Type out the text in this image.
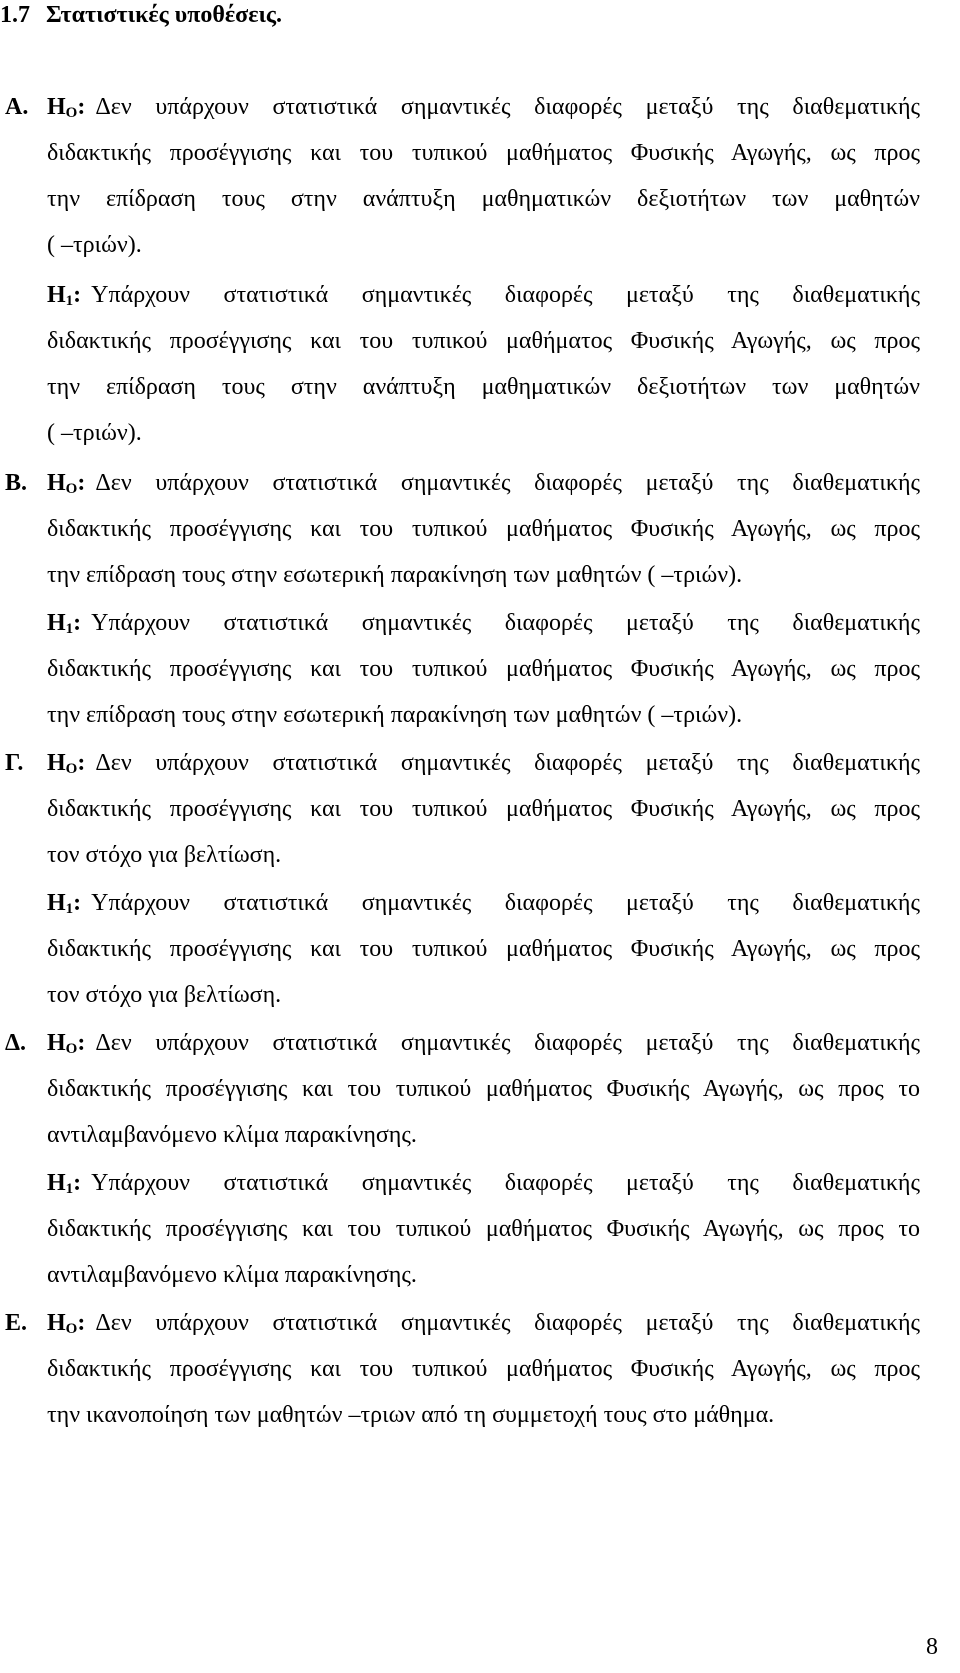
1.7 Στατιστικές υποθέσεις.
Α. $H_O$: Δεν υπάρχουν στατιστικά σημαντικές διαφορές μεταξύ της διαθεματικής
διδακτικής προσέγγισης και του τυπικού μαθήματος Φυσικής Αγωγής, ως προς
την επίδραση τους στην ανάπτυξη μαθηματικών δεξιοτήτων των μαθητών
( –τριών).
$H_1$: Υπάρχουν στατιστικά σημαντικές διαφορές μεταξύ της διαθεματικής
διδακτικής προσέγγισης και του τυπικού μαθήματος Φυσικής Αγωγής, ως προς
την επίδραση τους στην ανάπτυξη μαθηματικών δεξιοτήτων των μαθητών
( –τριών).
Β. $H_O$: Δεν υπάρχουν στατιστικά σημαντικές διαφορές μεταξύ της διαθεματικής
διδακτικής προσέγγισης και του τυπικού μαθήματος Φυσικής Αγωγής, ως προς
την επίδραση τους στην εσωτερική παρακίνηση των μαθητών ( –τριών).
$H_1$: Υπάρχουν στατιστικά σημαντικές διαφορές μεταξύ της διαθεματικής
διδακτικής προσέγγισης και του τυπικού μαθήματος Φυσικής Αγωγής, ως προς
την επίδραση τους στην εσωτερική παρακίνηση των μαθητών ( –τριών).
Γ. $H_O$: Δεν υπάρχουν στατιστικά σημαντικές διαφορές μεταξύ της διαθεματικής
διδακτικής προσέγγισης και του τυπικού μαθήματος Φυσικής Αγωγής, ως προς
τον στόχο για βελτίωση.
$H_1$: Υπάρχουν στατιστικά σημαντικές διαφορές μεταξύ της διαθεματικής
διδακτικής προσέγγισης και του τυπικού μαθήματος Φυσικής Αγωγής, ως προς
τον στόχο για βελτίωση.
Δ. $H_O$: Δεν υπάρχουν στατιστικά σημαντικές διαφορές μεταξύ της διαθεματικής
διδακτικής προσέγγισης και του τυπικού μαθήματος Φυσικής Αγωγής, ως προς το
αντιλαμβανόμενο κλίμα παρακίνησης.
$H_1$: Υπάρχουν στατιστικά σημαντικές διαφορές μεταξύ της διαθεματικής
διδακτικής προσέγγισης και του τυπικού μαθήματος Φυσικής Αγωγής, ως προς το
αντιλαμβανόμενο κλίμα παρακίνησης.
Ε. $H_O$: Δεν υπάρχουν στατιστικά σημαντικές διαφορές μεταξύ της διαθεματικής
διδακτικής προσέγγισης και του τυπικού μαθήματος Φυσικής Αγωγής, ως προς
την ικανοποίηση των μαθητών –τριων από τη συμμετοχή τους στο μάθημα.
8
